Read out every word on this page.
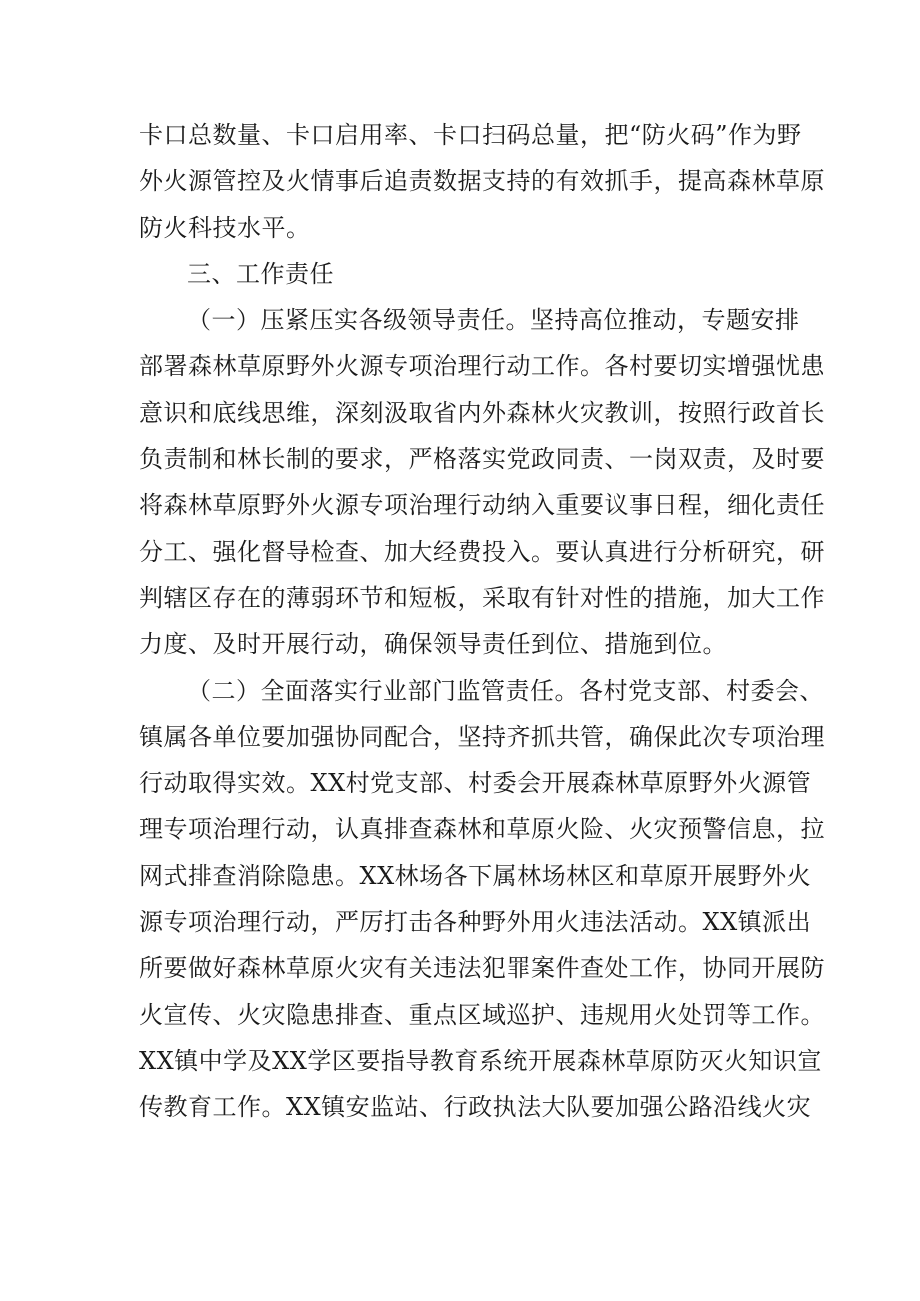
卡口总数量、卡口启用率、卡口扫码总量，把“防火码”作为野
外火源管控及火情事后追责数据支持的有效抓手，提高森林草原
防火科技水平。

三、工作责任

（一）压紧压实各级领导责任。坚持高位推动，专题安排
部署森林草原野外火源专项治理行动工作。各村要切实增强忧患
意识和底线思维，深刻汲取省内外森林火灾教训，按照行政首长
负责制和林长制的要求，严格落实党政同责、一岗双责，及时要
将森林草原野外火源专项治理行动纳入重要议事日程，细化责任
分工、强化督导检查、加大经费投入。要认真进行分析研究，研
判辖区存在的薄弱环节和短板，采取有针对性的措施，加大工作
力度、及时开展行动，确保领导责任到位、措施到位。

（二）全面落实行业部门监管责任。各村党支部、村委会、
镇属各单位要加强协同配合，坚持齐抓共管，确保此次专项治理
行动取得实效。XX村党支部、村委会开展森林草原野外火源管
理专项治理行动，认真排查森林和草原火险、火灾预警信息，拉
网式排查消除隐患。XX林场各下属林场林区和草原开展野外火
源专项治理行动，严厉打击各种野外用火违法活动。XX镇派出
所要做好森林草原火灾有关违法犯罪案件查处工作，协同开展防
火宣传、火灾隐患排查、重点区域巡护、违规用火处罚等工作。
XX镇中学及XX学区要指导教育系统开展森林草原防灭火知识宣
传教育工作。XX镇安监站、行政执法大队要加强公路沿线火灾
